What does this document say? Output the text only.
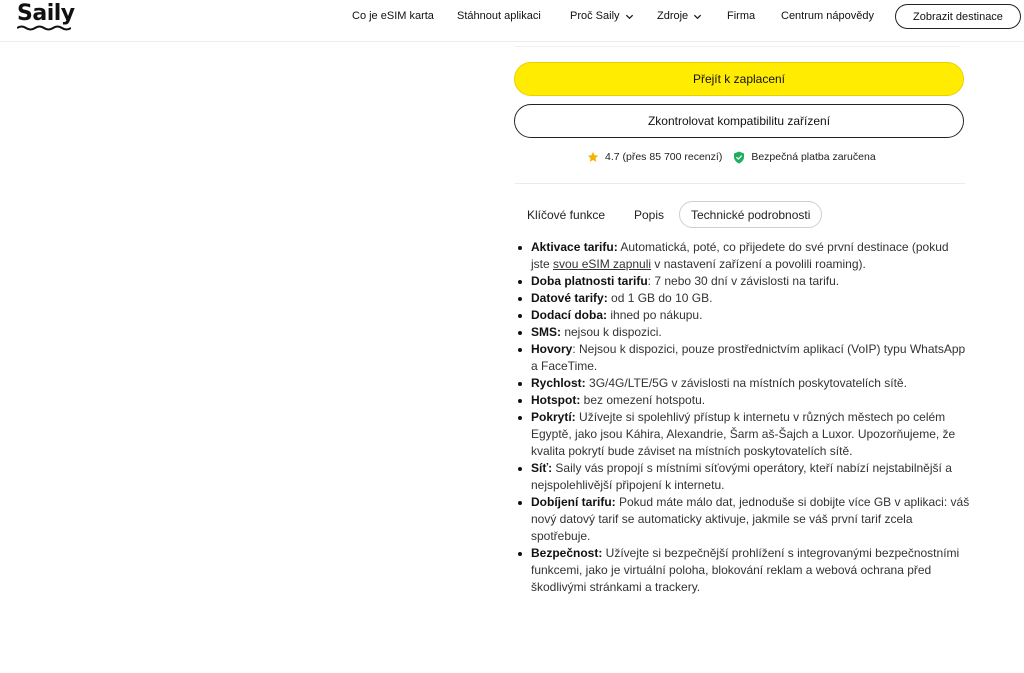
Saily	Co je eSIM karta Stáhnout aplikaci	Proč Saily	Zdroje	Firma Centrum nápovědy	Zobrazit destinace
Přejít k zaplacení
Zkontrolovat kompatibilitu zařízení
4.7 (přes 85 700 recenzí)	Bezpečná platba zaručena
Klíčové funkce Popis	Technické podrobnosti
Aktivace tarifu: Automatická, poté, co přijedete do své první destinace (pokud jste svou eSIM zapnuli v nastavení zařízení a povolili roaming).
Doba platnosti tarifu: 7 nebo 30 dní v závislosti na tarifu.
Datové tarify: od 1 GB do 10 GB.
Dodací doba: ihned po nákupu.
SMS: nejsou k dispozici.
Hovory: Nejsou k dispozici, pouze prostřednictvím aplikací (VoIP) typu WhatsApp a FaceTime.
Rychlost: 3G/4G/LTE/5G v závislosti na místních poskytovatelích sítě.
Hotspot: bez omezení hotspotu.
Pokrytí: Užívejte si spolehlivý přístup k internetu v různých městech po celém Egyptě, jako jsou Káhira, Alexandrie, Šarm aš-Šajch a Luxor. Upozorňujeme, že kvalita pokrytí bude záviset na místních poskytovatelích sítě.
Síť: Saily vás propojí s místními síťovými operátory, kteří nabízí nejstabilnější a nejspolehlivější připojení k internetu.
Dobíjení tarifu: Pokud máte málo dat, jednoduše si dobijte více GB v aplikaci: váš nový datový tarif se automaticky aktivuje, jakmile se váš první tarif zcela spotřebuje.
Bezpečnost: Užívejte si bezpečnější prohlížení s integrovanými bezpečnostními funkcemi, jako je virtuální poloha, blokování reklam a webová ochrana před škodlivými stránkami a trackery.
